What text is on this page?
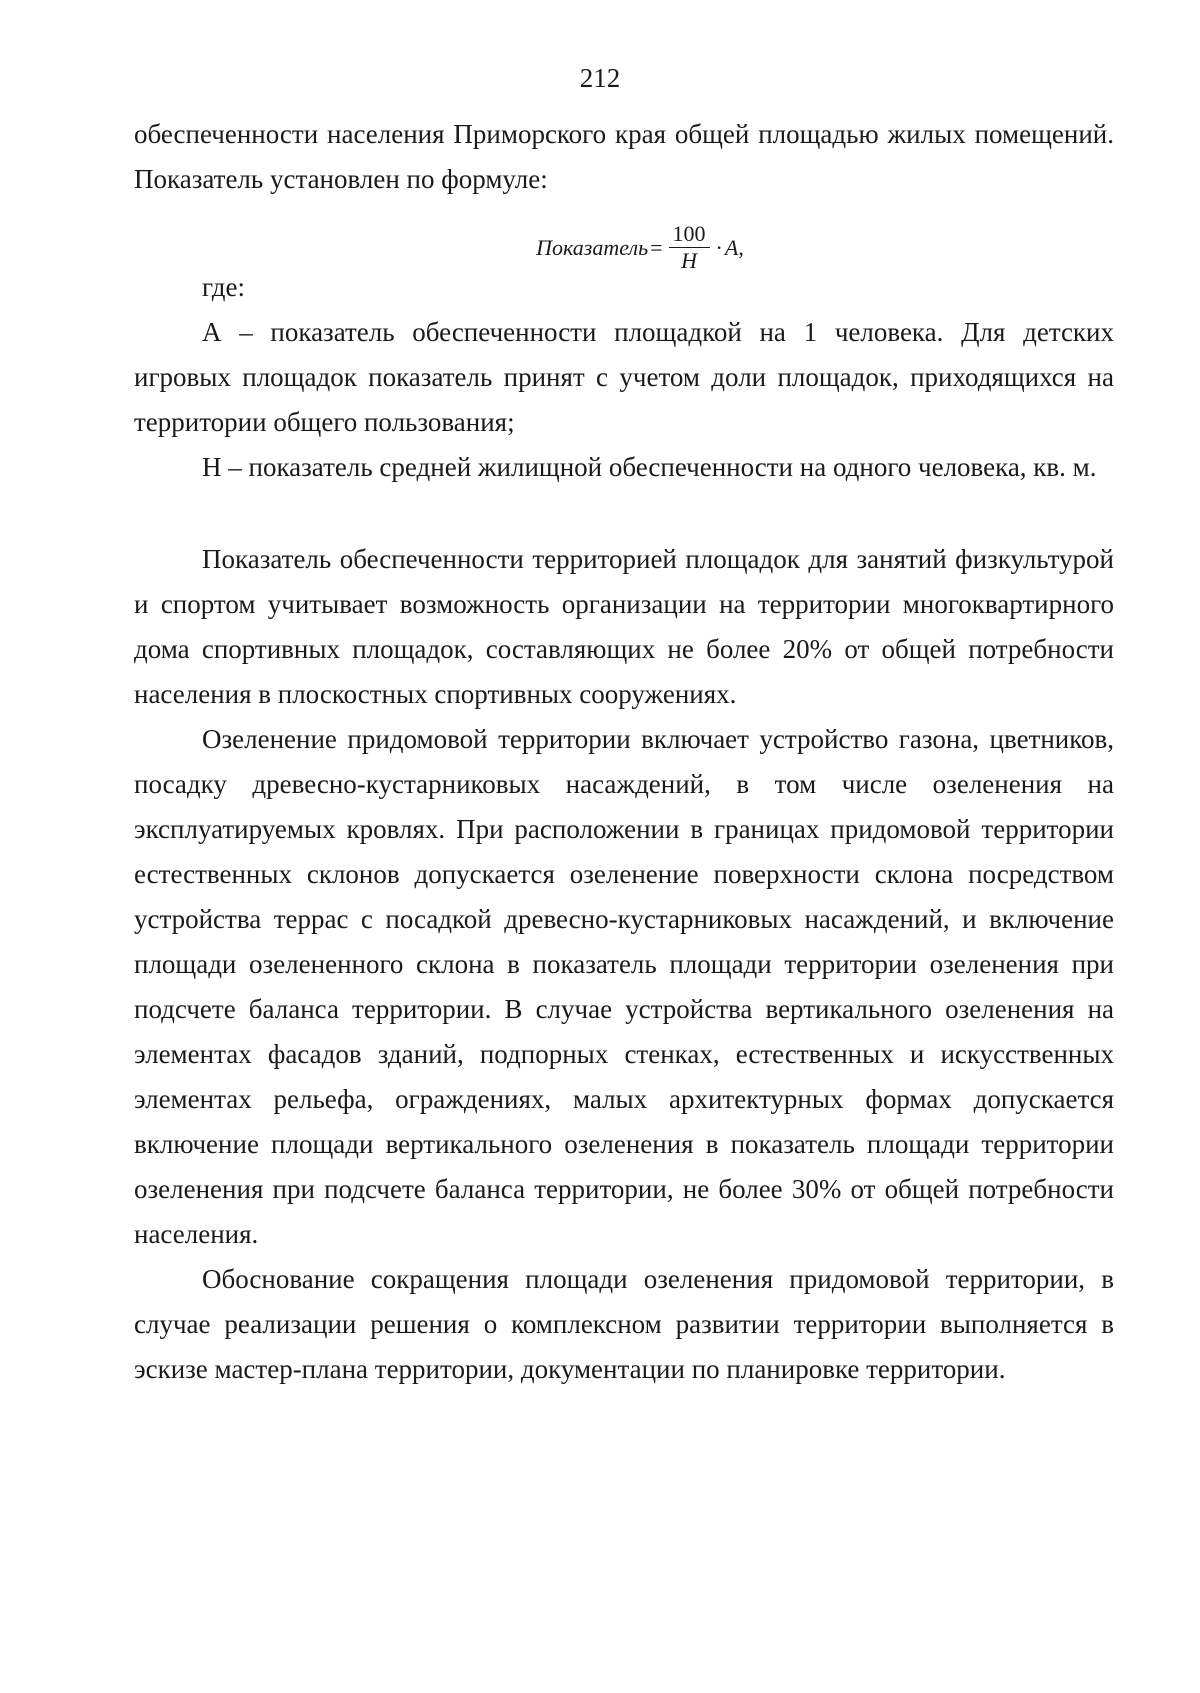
212

обеспеченности населения Приморского края общей площадью жилых помещений. Показатель установлен по формуле:

Показатель = $\frac{100}{Н} \cdot А$ ,

где:

А – показатель обеспеченности площадкой на 1 человека. Для детских игровых площадок показатель принят с учетом доли площадок, приходящихся на территории общего пользования;

Н – показатель средней жилищной обеспеченности на одного человека, кв. м.

Показатель обеспеченности территорией площадок для занятий физкультурой и спортом учитывает возможность организации на территории многоквартирного дома спортивных площадок, составляющих не более 20% от общей потребности населения в плоскостных спортивных сооружениях.

Озеленение придомовой территории включает устройство газона, цветников, посадку древесно-кустарниковых насаждений, в том числе озеленения на эксплуатируемых кровлях. При расположении в границах придомовой территории естественных склонов допускается озеленение поверхности склона посредством устройства террас с посадкой древесно-кустарниковых насаждений, и включение площади озелененного склона в показатель площади территории озеленения при подсчете баланса территории. В случае устройства вертикального озеленения на элементах фасадов зданий, подпорных стенках, естественных и искусственных элементах рельефа, ограждениях, малых архитектурных формах допускается включение площади вертикального озеленения в показатель площади территории озеленения при подсчете баланса территории, не более 30% от общей потребности населения.

Обоснование сокращения площади озеленения придомовой территории, в случае реализации решения о комплексном развитии территории выполняется в эскизе мастер-плана территории, документации по планировке территории.
